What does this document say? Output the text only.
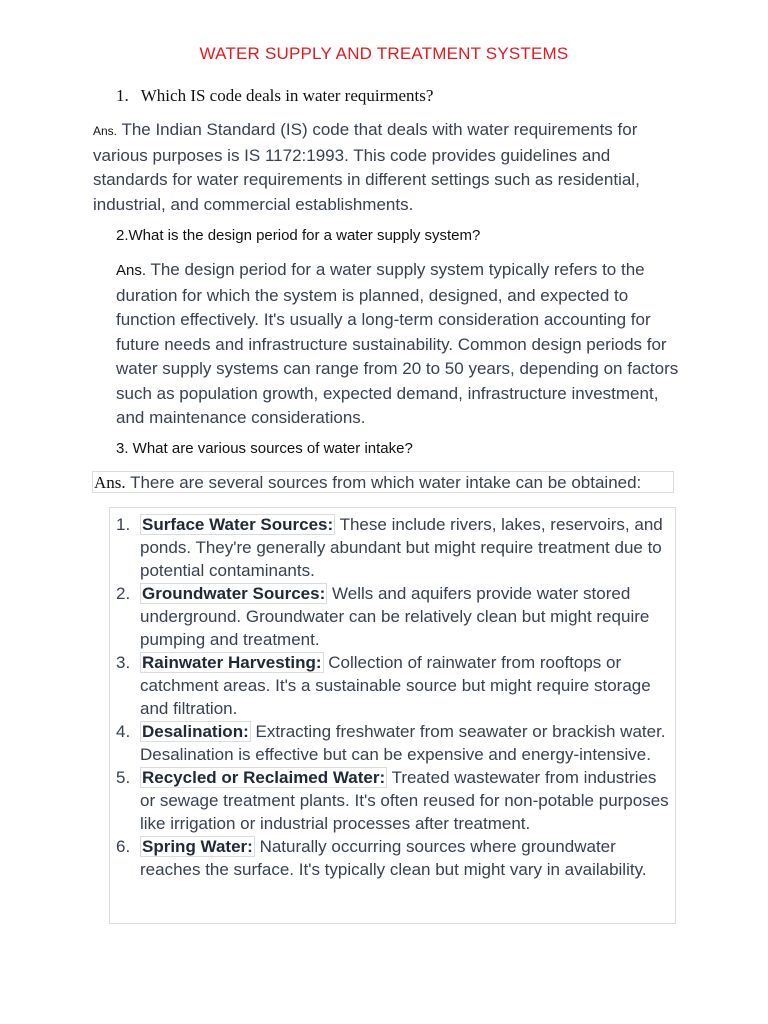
WATER SUPPLY AND TREATMENT SYSTEMS
1. Which IS code deals in water requirments?
Ans. The Indian Standard (IS) code that deals with water requirements for various purposes is IS 1172:1993. This code provides guidelines and standards for water requirements in different settings such as residential, industrial, and commercial establishments.
2.What is the design period for a water supply system?
Ans. The design period for a water supply system typically refers to the duration for which the system is planned, designed, and expected to function effectively. It's usually a long-term consideration accounting for future needs and infrastructure sustainability. Common design periods for water supply systems can range from 20 to 50 years, depending on factors such as population growth, expected demand, infrastructure investment, and maintenance considerations.
3. What are various sources of water intake?
Ans. There are several sources from which water intake can be obtained:
1. Surface Water Sources: These include rivers, lakes, reservoirs, and ponds. They're generally abundant but might require treatment due to potential contaminants.
2. Groundwater Sources: Wells and aquifers provide water stored underground. Groundwater can be relatively clean but might require pumping and treatment.
3. Rainwater Harvesting: Collection of rainwater from rooftops or catchment areas. It's a sustainable source but might require storage and filtration.
4. Desalination: Extracting freshwater from seawater or brackish water. Desalination is effective but can be expensive and energy-intensive.
5. Recycled or Reclaimed Water: Treated wastewater from industries or sewage treatment plants. It's often reused for non-potable purposes like irrigation or industrial processes after treatment.
6. Spring Water: Naturally occurring sources where groundwater reaches the surface. It's typically clean but might vary in availability.
